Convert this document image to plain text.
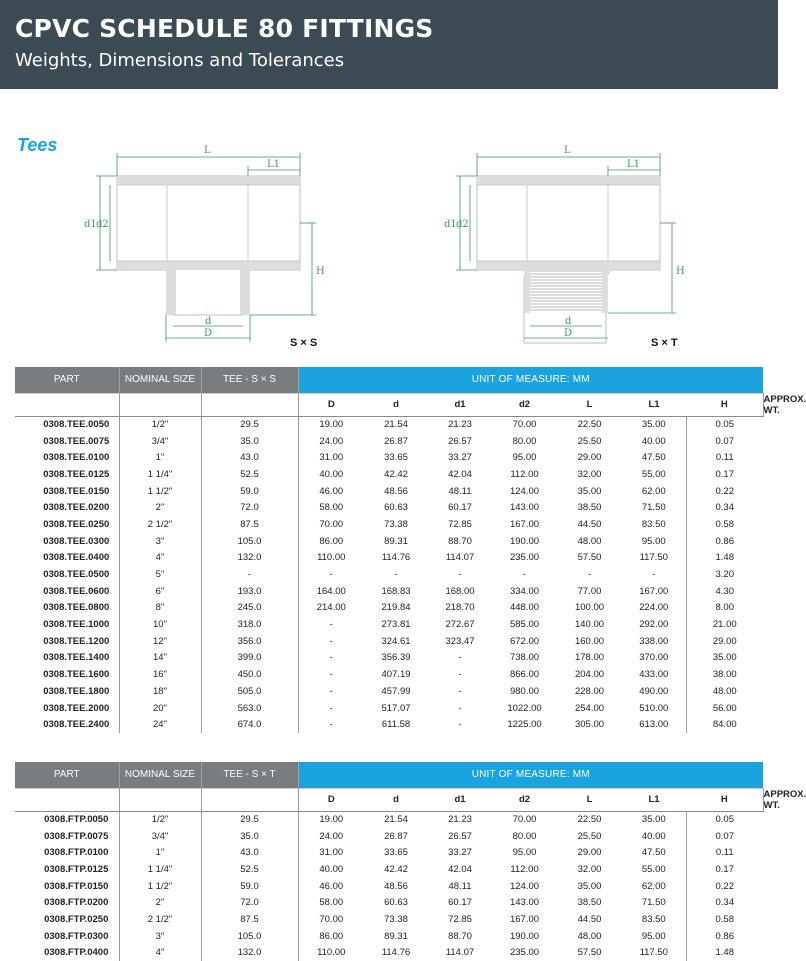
CPVC SCHEDULE 80 FITTINGS
Weights, Dimensions and Tolerances
Tees	L
L1
d1 d2
H
d
D
S × S
L
L1
d1 d2
H
d
D
S × T
PART	NOMINAL SIZE	TEE - S × S	UNIT OF MEASURE: MM							
			D	d	d1	d2	L	L1	H	APPROX. WT.
0308.TEE.0050	1/2"	29.5	19.00	21.54	21.23	70.00	22.50	35.00	0.05	
0308.TEE.0075	3/4"	35.0	24.00	26.87	26.57	80.00	25.50	40.00	0.07	
0308.TEE.0100	1"	43.0	31.00	33.65	33.27	95.00	29.00	47.50	0.11	
0308.TEE.0125	1 1/4"	52.5	40.00	42.42	42.04	112.00	32.00	55.00	0.17	
0308.TEE.0150	1 1/2"	59.0	46.00	48.56	48.11	124.00	35.00	62.00	0.22	
0308.TEE.0200	2"	72.0	58.00	60.63	60.17	143.00	38.50	71.50	0.34	
0308.TEE.0250	2 1/2"	87.5	70.00	73.38	72.85	167.00	44.50	83.50	0.58	
0308.TEE.0300	3"	105.0	86.00	89.31	88.70	190.00	48.00	95.00	0.86	
0308.TEE.0400	4"	132.0	110.00	114.76	114.07	235.00	57.50	117.50	1.48	
0308.TEE.0500	5"	-	-	-	-	-	-	-	3.20	
0308.TEE.0600	6"	193.0	164.00	168.83	168.00	334.00	77.00	167.00	4.30	
0308.TEE.0800	8"	245.0	214.00	219.84	218.70	448.00	100.00	224.00	8.00	
0308.TEE.1000	10"	318.0	-	273.81	272.67	585.00	140.00	292.00	21.00	
0308.TEE.1200	12"	356.0	-	324.61	323.47	672.00	160.00	338.00	29.00	
0308.TEE.1400	14"	399.0	-	356.39	-	738.00	178.00	370.00	35.00	
0308.TEE.1600	16"	450.0	-	407.19	-	866.00	204.00	433.00	38.00	
0308.TEE.1800	18"	505.0	-	457.99	-	980.00	228.00	490.00	48.00	
0308.TEE.2000	20"	563.0	-	517.07	-	1022.00	254.00	510.00	56.00	
0308.TEE.2400	24"	674.0	-	611.58	-	1225.00	305.00	613.00	84.00	
PART	NOMINAL SIZE	TEE - S × T	UNIT OF MEASURE: MM							
			D	d	d1	d2	L	L1	H	APPROX. WT.
0308.FTP.0050	1/2"	29.5	19.00	21.54	21.23	70.00	22.50	35.00	0.05	
0308.FTP.0075	3/4"	35.0	24.00	26.87	26.57	80.00	25.50	40.00	0.07	
0308.FTP.0100	1"	43.0	31.00	33.65	33.27	95.00	29.00	47.50	0.11	
0308.FTP.0125	1 1/4"	52.5	40.00	42.42	42.04	112.00	32.00	55.00	0.17	
0308.FTP.0150	1 1/2"	59.0	46.00	48.56	48.11	124.00	35.00	62.00	0.22	
0308.FTP.0200	2"	72.0	58.00	60.63	60.17	143.00	38.50	71.50	0.34	
0308.FTP.0250	2 1/2"	87.5	70.00	73.38	72.85	167.00	44.50	83.50	0.58	
0308.FTP.0300	3"	105.0	86.00	89.31	88.70	190.00	48.00	95.00	0.86	
0308.FTP.0400	4"	132.0	110.00	114.76	114.07	235.00	57.50	117.50	1.48	
